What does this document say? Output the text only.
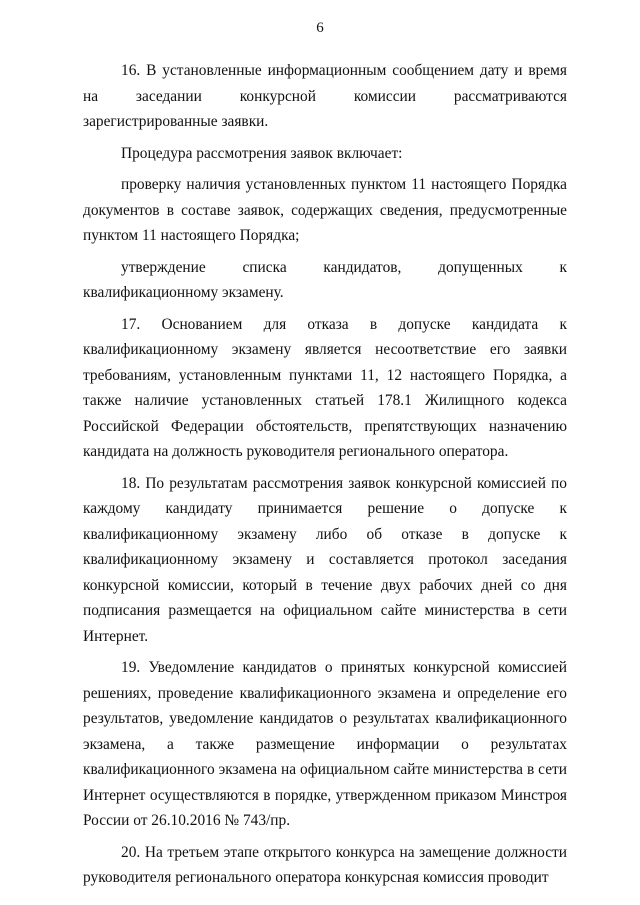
6

16. В установленные информационным сообщением дату и время на заседании конкурсной комиссии рассматриваются зарегистрированные заявки.

Процедура рассмотрения заявок включает:

проверку наличия установленных пунктом 11 настоящего Порядка документов в составе заявок, содержащих сведения, предусмотренные пунктом 11 настоящего Порядка;

утверждение списка кандидатов, допущенных к квалификационному экзамену.

17. Основанием для отказа в допуске кандидата к квалификационному экзамену является несоответствие его заявки требованиям, установленным пунктами 11, 12 настоящего Порядка, а также наличие установленных статьей 178.1 Жилищного кодекса Российской Федерации обстоятельств, препятствующих назначению кандидата на должность руководителя регионального оператора.

18. По результатам рассмотрения заявок конкурсной комиссией по каждому кандидату принимается решение о допуске к квалификационному экзамену либо об отказе в допуске к квалификационному экзамену и составляется протокол заседания конкурсной комиссии, который в течение двух рабочих дней со дня подписания размещается на официальном сайте министерства в сети Интернет.

19. Уведомление кандидатов о принятых конкурсной комиссией решениях, проведение квалификационного экзамена и определение его результатов, уведомление кандидатов о результатах квалификационного экзамена, а также размещение информации о результатах квалификационного экзамена на официальном сайте министерства в сети Интернет осуществляются в порядке, утвержденном приказом Минстроя России от 26.10.2016 № 743/пр.

20. На третьем этапе открытого конкурса на замещение должности руководителя регионального оператора конкурсная комиссия проводит
